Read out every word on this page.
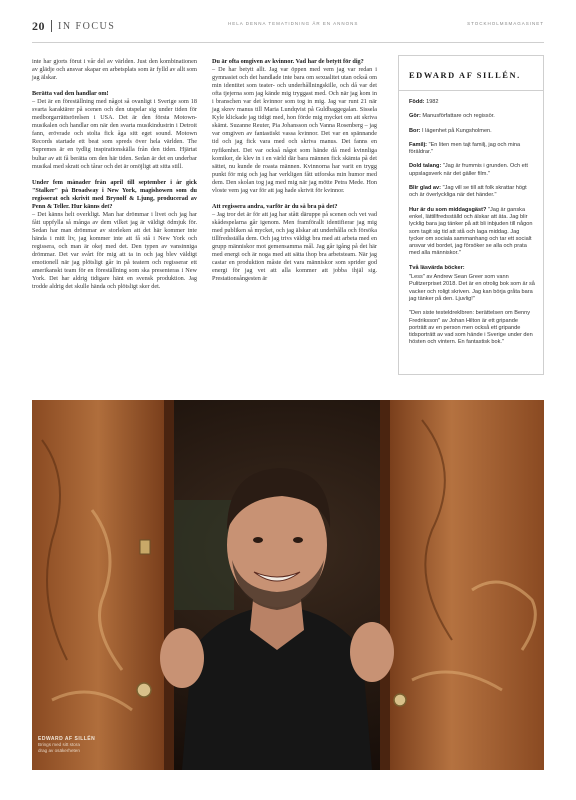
20 IN FOCUS	HELA DENNA TEMATIDNING ÄR EN ANNONS	STOCKHOLMSMAGASINET

inte har gjorts förut i vår del av världen. Just den kombinationen av glädje och ansvar skapar en arbetsplats som är fylld av allt som jag älskar.

Berätta vad den handlar om!

– Det är en föreställning med något så ovanligt i Sverige som 18 svarta karaktärer på scenen och den utspelar sig under tiden för medborgarrättsrörelsen i USA. Det är den första Motown-musikalen och handlar om när den svarta musikindustrin i Detroit fann, erövrade och stolta fick åga sitt eget sound. Motown Records startade ett beat som spreds över hela världen. The Supremes är en tydlig inspirationskälla från den tiden. Hjärtat bultar av att få berätta om den här tiden. Sedan är det en underbar musikal med skratt och tårar och det är omöjligt att sitta still.

Under fem månader från april till september i år gick "Stalker" på Broadway i New York, magishowen som du regisserat och skrivit med Brynolf & Ljung, producerad av Penn & Teller. Hur känns det?

– Det känns helt overkligt. Man har drömmar i livet och jag har fått uppfylla så många av dem vilket jag är väldigt ödmjuk för. Sedan har man drömmar av storleken att det här kommer inte hända i mitt liv, jag kommer inte att få stå i New York och regissera, och man är okej med det. Den typen av vansinniga drömmar. Det var svårt för mig att ta in och jag blev väldigt emotionell när jag plötsligt går in på teatern och regisserar ett amerikanskt team för en föreställning som ska presenteras i New York. Det har aldrig tidigare hänt en svensk produktion. Jag trodde aldrig det skulle hända och plötsligt sker det.

Du är ofta omgiven av kvinnor. Vad har de betytt för dig?

– De har betytt allt. Jag var öppen med vem jag var redan i gymnasiet och det handlade inte bara om sexualitet utan också om min identitet som teater- och underhållningskille, och då var det ofta tjejerna som jag kände mig tryggast med. Och när jag kom in i branschen var det kvinnor som tog in mig. Jag var runt 21 när jag skrev manus till Maria Lundqvist på Guldbaggegalan. Sissela Kyle klickade jag tidigt med, hon förde mig mycket om att skriva skämt. Suzanne Reuter, Pia Johansson och Vanna Rosenberg – jag var omgiven av fantastiskt vassa kvinnor. Det var en spännande tid och jag fick vara med och skriva manus. Det fanns en nyfikenhet. Det var också något som hände då med kvinnliga komiker, de klev in i en värld där bara männen fick skämta på det sättet, nu kunde de roasta männen. Kvinnorna har varit en trygg punkt för mig och jag har verkligen fått utforska min humor med dem. Den skolan tog jag med mig när jag mötte Petra Mede. Hon vloste vem jag var för att jag hade skrivit för kvinnor.

Att regissera andra, varför är du så bra på det?

– Jag tror det är för att jag har stått däruppe på scenen och vet vad skådespelarna går igenom. Men framförallt identifierar jag mig med publiken så mycket, och jag älskar att underhålla och försöka tillfredsställa dem. Och jag trivs väldigt bra med att arbeta med en grupp människor mot gemensamma mål. Jag går igång på det här med energi och är noga med att sätta ihop bra arbetsteam. När jag castar en produktion måste det vara människor som sprider god energi för jag vet att alla kommer att jobba ihjäl sig. Prestationsångesten är

EDWARD AF SILLÉN.

Född: 1982

Gör: Manusförfattare och regissör.

Bor: I lägenhet på Kungsholmen.

Familj: "En liten men tajt familj, jag och mina föräldrar."

Dold talang: "Jag är frummis i grunden. Och ett uppslagsverk när det gäller film."

Blir glad av: "Jag vill se till att folk skrattar högt och är överlyckliga när det händer."

Hur är du som middagsgäst? "Jag är ganska enkel, lättillfredsställd och älskar att äta. Jag blir lycklig bara jag tänker på att bli inbjuden till någon som tagit sig tid att stå och laga middag. Jag tycker om sociala sammanhang och tar ett socialt ansvar vid bordet, jag försöker se alla och prata med alla människor."

Två läsvärda böcker:

"Less" av Andrew Sean Greer som vann Pulitzerpriset 2018. Det är en otrolig bok som är så vacker och roligt skriven. Jag kan börja gråta bara jag tänker på den. Ljuvlig!"

"Den siste testeldreklbren: berättelsen om Benny Fredriksson" av Johan Hilton är ett gripande porträtt av en person men också ett gripande tidsporträtt av vad som hände i Sverige under den hösten och vintern. En fantastisk bok."

EDWARD AF SILLÉN
Brings med sitt stora
drag av osäkerheten
